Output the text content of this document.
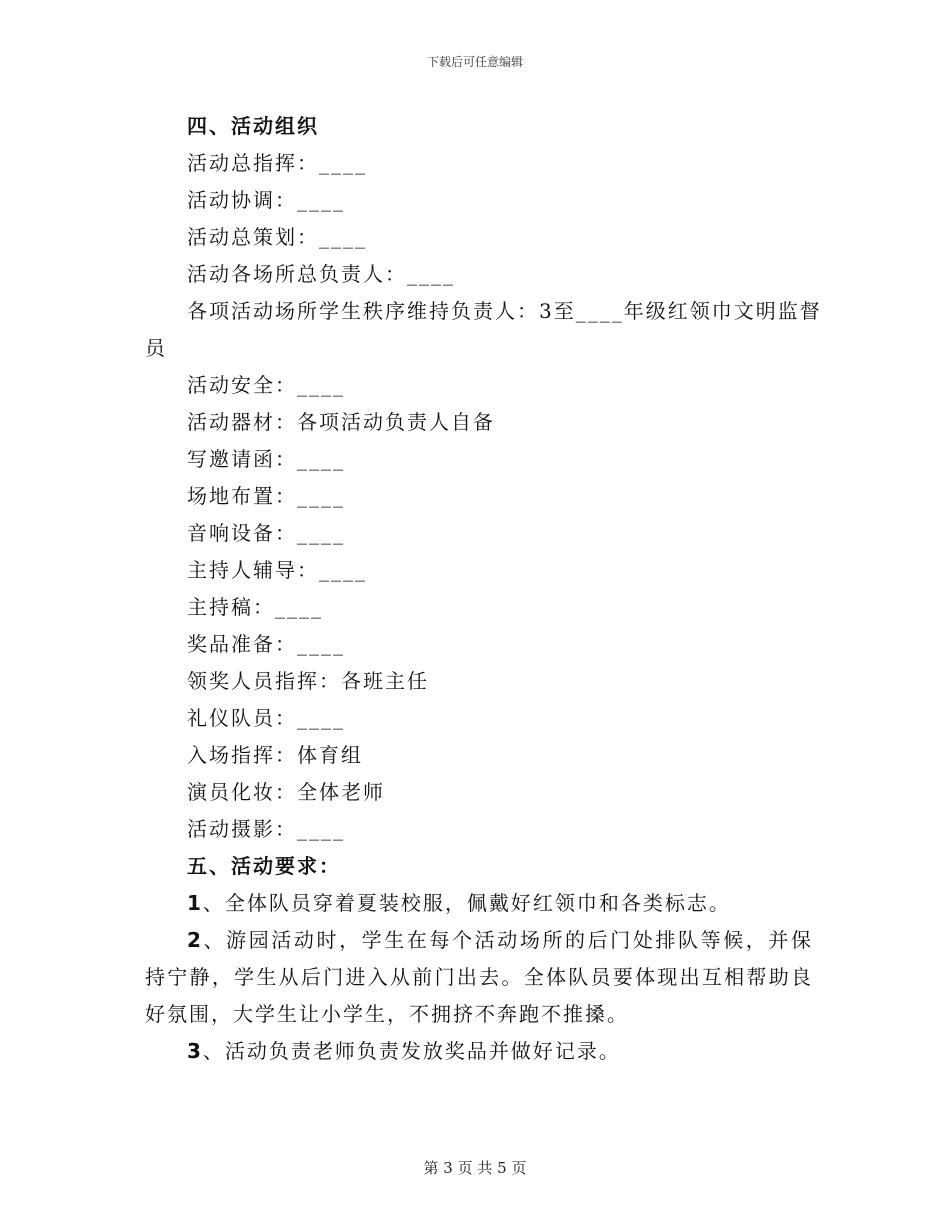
下载后可任意编辑
四、活动组织
活动总指挥：____
活动协调：____
活动总策划：____
活动各场所总负责人：____
各项活动场所学生秩序维持负责人：3至____年级红领巾文明监督
员
活动安全：____
活动器材：各项活动负责人自备
写邀请函：____
场地布置：____
音响设备：____
主持人辅导：____
主持稿：____
奖品准备：____
领奖人员指挥：各班主任
礼仪队员：____
入场指挥：体育组
演员化妆：全体老师
活动摄影：____
五、活动要求：
1、全体队员穿着夏装校服，佩戴好红领巾和各类标志。
2、游园活动时，学生在每个活动场所的后门处排队等候，并保持宁静，学生从后门进入从前门出去。全体队员要体现出互相帮助良好氛围，大学生让小学生，不拥挤不奔跑不推搡。
3、活动负责老师负责发放奖品并做好记录。
第 3 页 共 5 页
